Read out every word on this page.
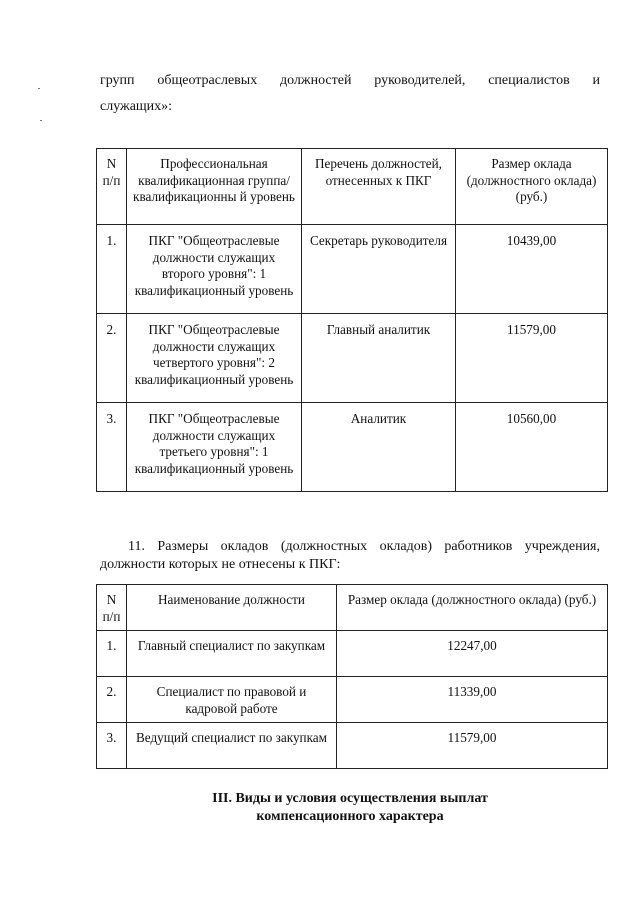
групп общеотраслевых должностей руководителей, специалистов и
служащих»:
N п/п	Профессиональная квалификационная группа/квалификационны й уровень	Перечень должностей, отнесенных к ПКГ	Размер оклада (должностного оклада) (руб.)
1.	ПКГ "Общеотраслевые должности служащих второго уровня": 1 квалификационный уровень	Секретарь руководителя	10439,00
2.	ПКГ "Общеотраслевые должности служащих четвертого уровня": 2 квалификационный уровень	Главный аналитик	11579,00
3.	ПКГ "Общеотраслевые должности служащих третьего уровня": 1 квалификационный уровень	Аналитик	10560,00
11. Размеры окладов (должностных окладов) работников учреждения, должности которых не отнесены к ПКГ:
N п/п	Наименование должности	Размер оклада (должностного оклада) (руб.)
1.	Главный специалист по закупкам	12247,00
2.	Специалист по правовой и кадровой работе	11339,00
3.	Ведущий специалист по закупкам	11579,00
III. Виды и условия осуществления выплат
компенсационного характера
